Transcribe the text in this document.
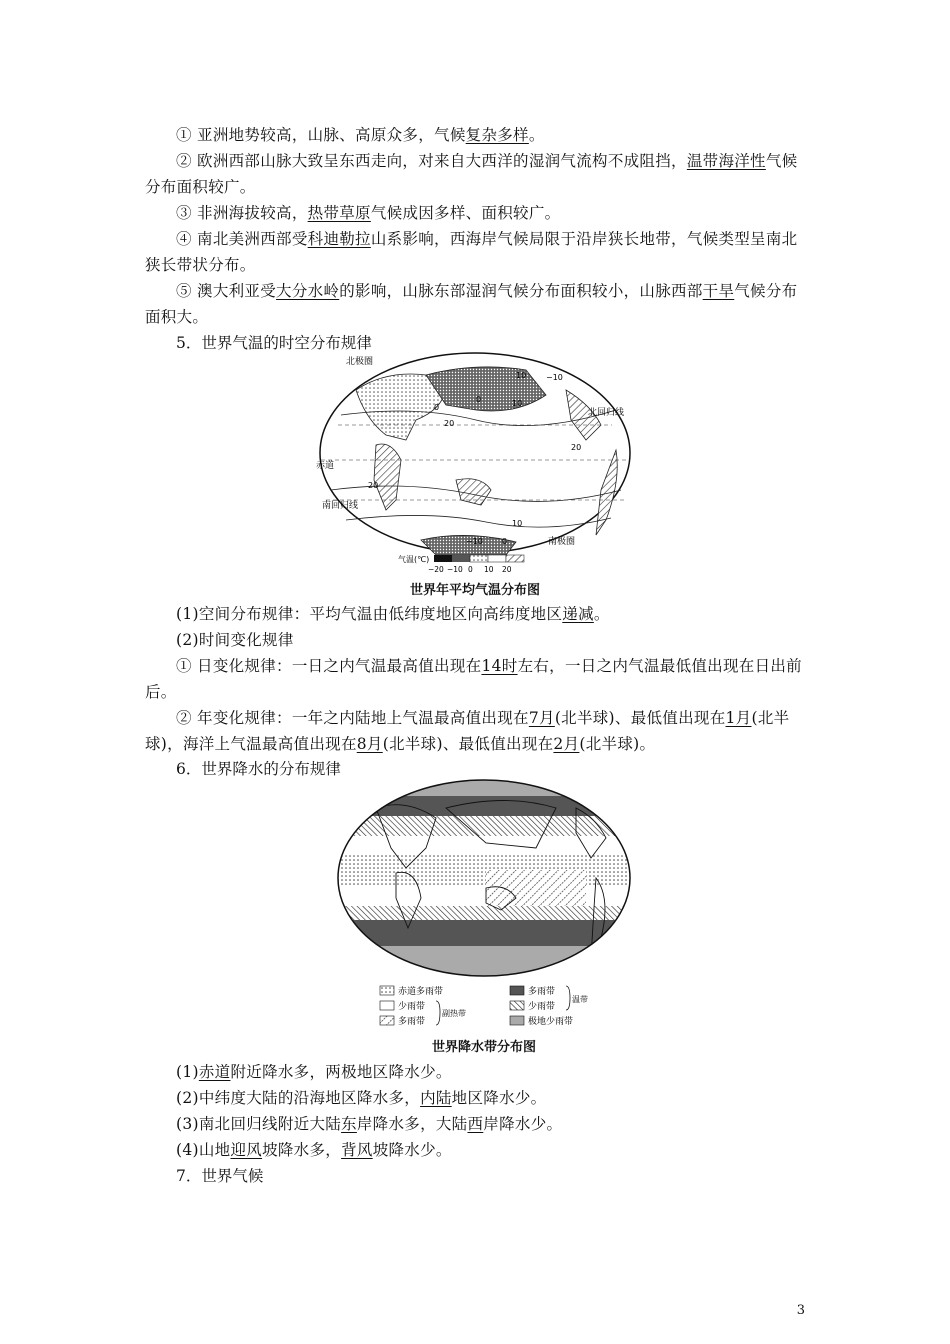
① 亚洲地势较高，山脉、高原众多，气候复杂多样。

② 欧洲西部山脉大致呈东西走向，对来自大西洋的湿润气流构不成阻挡，温带海洋性气候分布面积较广。

③ 非洲海拔较高，热带草原气候成因多样、面积较广。

④ 南北美洲西部受科迪勒拉山系影响，西海岸气候局限于沿岸狭长地带，气候类型呈南北狭长带状分布。

⑤ 澳大利亚受大分水岭的影响，山脉东部湿润气候分布面积较小，山脉西部干旱气候分布面积大。

5．世界气温的时空分布规律

北极圈
北回归线
赤道
南回归线
南极圈
10
0
0	10
−10
20
20
20
10
0
−10
气温(℃)
−20 −10 0 10 20
世界年平均气温分布图

(1)空间分布规律：平均气温由低纬度地区向高纬度地区递减。

(2)时间变化规律

① 日变化规律：一日之内气温最高值出现在14时左右，一日之内气温最低值出现在日出前后。

② 年变化规律：一年之内陆地上气温最高值出现在7月(北半球)、最低值出现在1月(北半球)，海洋上气温最高值出现在8月(北半球)、最低值出现在2月(北半球)。

6．世界降水的分布规律

赤道多雨带
少雨带
多雨带
副热带
多雨带
少雨带
温带
极地少雨带
世界降水带分布图

(1)赤道附近降水多，两极地区降水少。

(2)中纬度大陆的沿海地区降水多，内陆地区降水少。

(3)南北回归线附近大陆东岸降水多，大陆西岸降水少。

(4)山地迎风坡降水多，背风坡降水少。

7．世界气候

3
